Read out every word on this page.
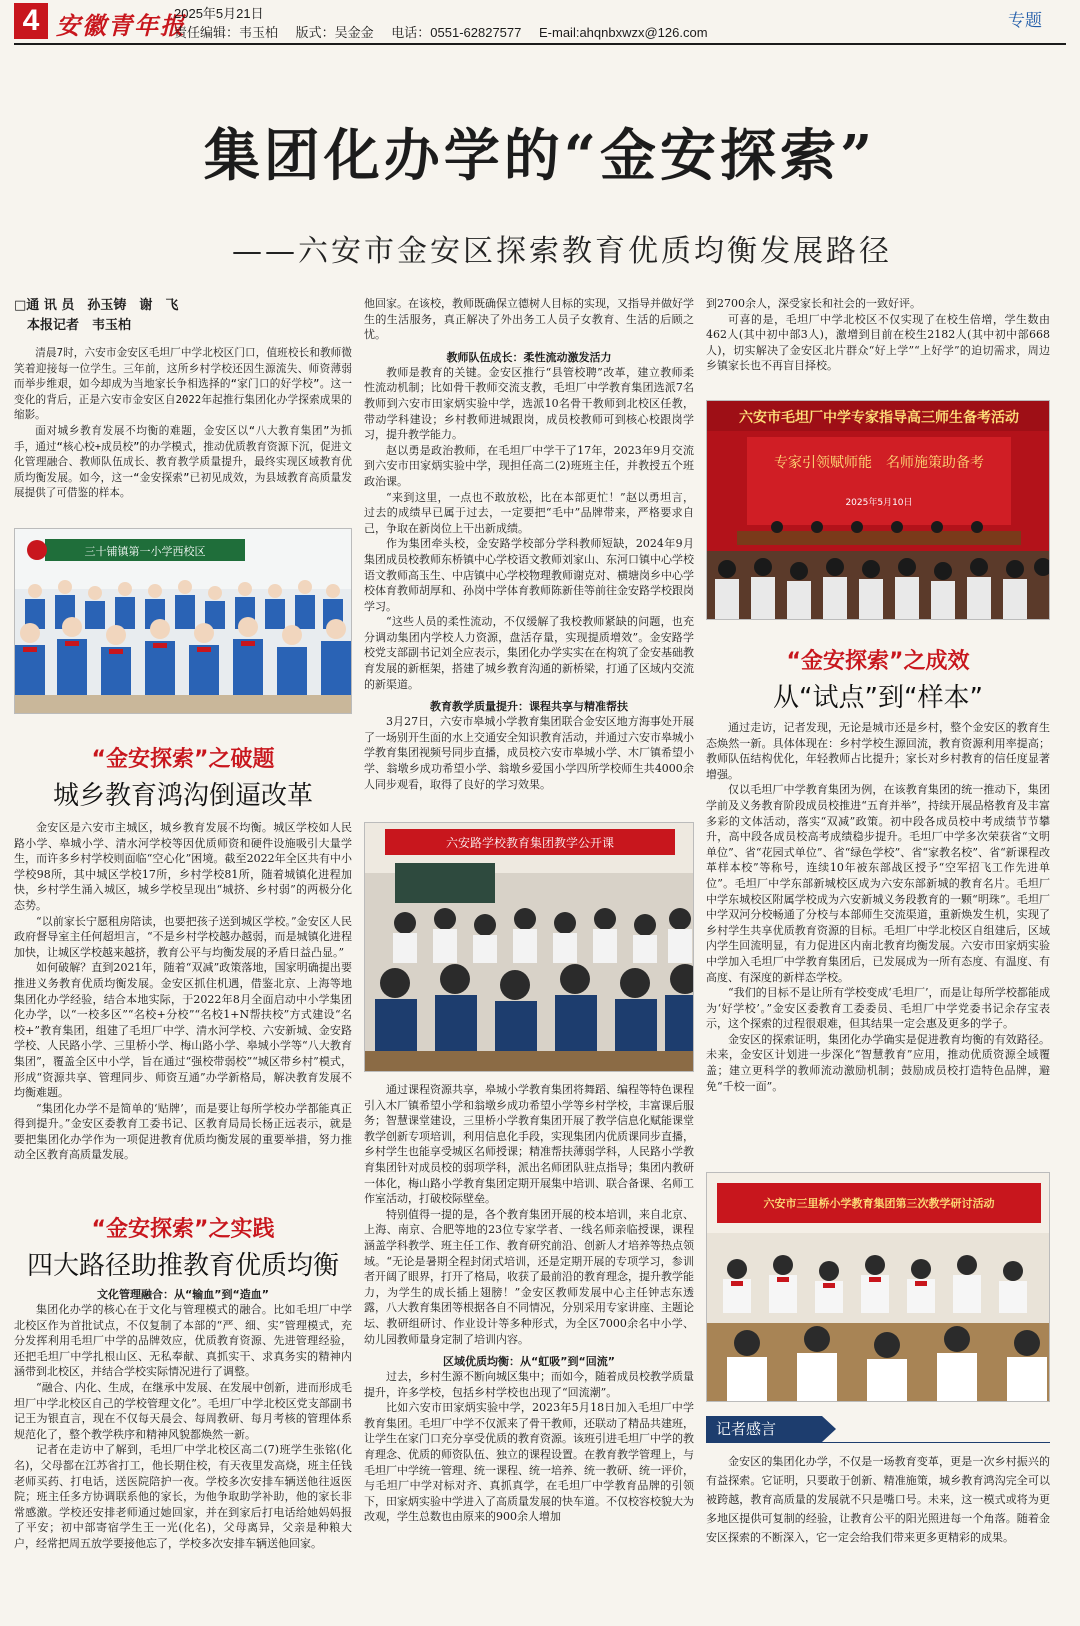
4 安徽青年报
2025年5月21日
责任编辑：韦玉柏 版式：吴金金 电话：0551-62827577 E-mail:ahqnbxwzx@126.com
专题
集团化办学的“金安探索”
——六安市金安区探索教育优质均衡发展路径
□通 讯 员　孙玉铸　谢　飞
　本报记者　韦玉柏

清晨7时，六安市金安区毛坦厂中学北校区门口，值班校长和教师微笑着迎接每一位学生。三年前，这所乡村学校还因生源流失、师资薄弱而举步维艰，如今却成为当地家长争相选择的“家门口的好学校”。这一变化的背后，正是六安市金安区自2022年起推行集团化办学探索成果的缩影。

面对城乡教育发展不均衡的难题，金安区以“八大教育集团”为抓手，通过“核心校+成员校”的办学模式，推动优质教育资源下沉，促进文化管理融合、教师队伍成长、教育教学质量提升，最终实现区域教育优质均衡发展。如今，这一“金安探索”已初见成效，为县域教育高质量发展提供了可借鉴的样本。

三十铺镇第一小学西校区
“金安探索”之破题
城乡教育鸿沟倒逼改革

金安区是六安市主城区，城乡教育发展不均衡。城区学校如人民路小学、皋城小学、清水河学校等因优质师资和硬件设施吸引大量学生，而许多乡村学校则面临“空心化”困境。截至2022年全区共有中小学校98所，其中城区学校17所，乡村学校81所，随着城镇化进程加快，乡村学生涌入城区，城乡学校呈现出“城挤、乡村弱”的两极分化态势。

“以前家长宁愿租房陪读，也要把孩子送到城区学校。”金安区人民政府督导室主任何超坦言，“不是乡村学校越办越弱，而是城镇化进程加快，让城区学校越来越挤，教育公平与均衡发展的矛盾日益凸显。”

如何破解？直到2021年，随着“双减”政策落地，国家明确提出要推进义务教育优质均衡发展。金安区抓住机遇，借鉴北京、上海等地集团化办学经验，结合本地实际，于2022年8月全面启动中小学集团化办学，以“一校多区”“名校+分校”“名校1+N帮扶校”方式建设“名校+”教育集团，组建了毛坦厂中学、清水河学校、六安新城、金安路学校、人民路小学、三里桥小学、梅山路小学、皋城小学等“八大教育集团”，覆盖全区中小学，旨在通过“强校带弱校”“城区带乡村”模式，形成“资源共享、管理同步、师资互通”办学新格局，解决教育发展不均衡难题。

“集团化办学不是简单的‘贴牌’，而是要让每所学校办学都能真正得到提升。”金安区委教育工委书记、区教育局局长杨正远表示，就是要把集团化办学作为一项促进教育优质均衡发展的重要举措，努力推动全区教育高质量发展。

“金安探索”之实践
四大路径助推教育优质均衡

文化管理融合：从“输血”到“造血”

集团化办学的核心在于文化与管理模式的融合。比如毛坦厂中学北校区作为首批试点，不仅复制了本部的“严、细、实”管理模式，充分发挥利用毛坦厂中学的品牌效应，优质教育资源、先进管理经验，还把毛坦厂中学扎根山区、无私奉献、真抓实干、求真务实的精神内涵带到北校区，并结合学校实际情况进行了调整。

“融合、内化、生成，在继承中发展、在发展中创新，进而形成毛坦厂中学北校区自己的学校管理文化”。毛坦厂中学北校区党支部副书记王为银直言，现在不仅每天晨会、每周教研、每月考核的管理体系规范化了，整个教学秩序和精神风貌都焕然一新。

记者在走访中了解到，毛坦厂中学北校区高二(7)班学生张铭(化名)，父母都在江苏省打工，他长期住校，有天夜里发高烧，班主任钱老师买药、打电话，送医院陪护一夜。学校多次安排车辆送他往返医院；班主任多方协调联系他的家长，为他争取助学补助，他的家长非常感激。学校还安排老师通过她回家，并在到家后打电话给她妈妈报了平安；初中部寄宿学生王一光(化名)，父母离异，父亲是种粮大户，经常把周五放学要接他忘了，学校多次安排车辆送他回家。

他回家。在该校，教师既确保立德树人目标的实现，又指导并做好学生的生活服务，真正解决了外出务工人员子女教育、生活的后顾之忧。

教师队伍成长：柔性流动激发活力

教师是教育的关键。金安区推行“县管校聘”改革，建立教师柔性流动机制；比如骨干教师交流支教，毛坦厂中学教育集团选派7名教师到六安市田家炳实验中学，选派10名骨干教师到北校区任教，带动学科建设；乡村教师进城跟岗，成员校教师可到核心校跟岗学习，提升教学能力。

赵以勇是政治教师，在毛坦厂中学干了17年，2023年9月交流到六安市田家炳实验中学，现担任高二(2)班班主任，并教授五个班政治课。

“来到这里，一点也不敢放松，比在本部更忙！”赵以勇坦言，过去的成绩早已属于过去，一定要把“毛中”品牌带来，严格要求自己，争取在新岗位上干出新成绩。

作为集团牵头校，金安路学校部分学科教师短缺，2024年9月集团成员校教师东桥镇中心学校语文教师刘家山、东河口镇中心学校语文教师高玉生、中店镇中心学校物理教师谢克对、横塘岗乡中心学校体育教师胡厚和、孙岗中学体育教师陈新佳等前往金安路学校跟岗学习。

“这些人员的柔性流动，不仅缓解了我校教师紧缺的问题，也充分调动集团内学校人力资源，盘活存量，实现提质增效”。金安路学校党支部副书记刘全应表示，集团化办学实实在在构筑了金安基础教育发展的新框架，搭建了城乡教育沟通的新桥梁，打通了区域内交流的新渠道。

教育教学质量提升：课程共享与精准帮扶

3月27日，六安市皋城小学教育集团联合金安区地方海事处开展了一场别开生面的水上交通安全知识教育活动，并通过六安市皋城小学教育集团视频号同步直播，成员校六安市皋城小学、木厂镇希望小学、翁墩乡成功希望小学、翁墩乡爱国小学四所学校师生共4000余人同步观看，取得了良好的学习效果。

六安路学校教育集团教学公开课

通过课程资源共享，皋城小学教育集团将舞蹈、编程等特色课程引入木厂镇希望小学和翁墩乡成功希望小学等乡村学校，丰富课后服务；智慧课堂建设，三里桥小学教育集团开展了教学信息化赋能课堂教学创新专项培训，利用信息化手段，实现集团内优质课同步直播，乡村学生也能享受城区名师授课；精准帮扶薄弱学科，人民路小学教育集团针对成员校的弱项学科，派出名师团队驻点指导；集团内教研一体化，梅山路小学教育集团定期开展集中培训、联合备课、名师工作室活动，打破校际壁垒。

特别值得一提的是，各个教育集团开展的校本培训，来自北京、上海、南京、合肥等地的23位专家学者、一线名师亲临授课，课程涵盖学科教学、班主任工作、教育研究前沿、创新人才培养等热点领域。“无论是暑期全程封闭式培训，还是定期开展的专项学习，参训者开阔了眼界，打开了格局，收获了最前沿的教育理念，提升教学能力，为学生的成长插上翅膀！”金安区教师发展中心主任钟志东透露，八大教育集团等根据各自不同情况，分别采用专家讲座、主题论坛、教研组研讨、作业设计等多种形式，为全区7000余名中小学、幼儿园教师量身定制了培训内容。

区域优质均衡：从“虹吸”到“回流”

过去，乡村生源不断向城区集中；而如今，随着成员校教学质量提升，许多学校，包括乡村学校也出现了“回流潮”。

比如六安市田家炳实验中学，2023年5月18日加入毛坦厂中学教育集团。毛坦厂中学不仅派来了骨干教师，还联动了精品共建班，让学生在家门口充分享受优质的教育资源。该班引进毛坦厂中学的教育理念、优质的师资队伍、独立的课程设置。在教育教学管理上，与毛坦厂中学统一管理、统一课程、统一培养、统一教研、统一评价，与毛坦厂中学对标对齐、真抓真学，在毛坦厂中学教育品牌的引领下，田家炳实验中学进入了高质量发展的快车道。不仅校容校貌大为改观，学生总数也由原来的900余人增加

到2700余人，深受家长和社会的一致好评。

可喜的是，毛坦厂中学北校区不仅实现了在校生倍增，学生数由462人(其中初中部3人)，激增到目前在校生2182人(其中初中部668人)，切实解决了金安区北片群众“好上学”“上好学”的迫切需求，周边乡镇家长也不再盲目择校。

六安市毛坦厂中学专家指导高三师生备考活动
专家引领赋师能　名师施策助备考
2025年5月10日
“金安探索”之成效
从“试点”到“样本”

通过走访，记者发现，无论是城市还是乡村，整个金安区的教育生态焕然一新。具体体现在：乡村学校生源回流，教育资源利用率提高；教师队伍结构优化，年轻教师占比提升；家长对乡村教育的信任度显著增强。

仅以毛坦厂中学教育集团为例，在该教育集团的统一推动下，集团学前及义务教育阶段成员校推进“五育并举”，持续开展品格教育及丰富多彩的文体活动，落实“双减”政策。初中段各成员校中考成绩节节攀升，高中段各成员校高考成绩稳步提升。毛坦厂中学多次荣获省“文明单位”、省“花园式单位”、省“绿色学校”、省“家教名校”、省“新课程改革样本校”等称号，连续10年被东部战区授予“空军招飞工作先进单位”。毛坦厂中学东部新城校区成为六安东部新城的教育名片。毛坦厂中学东城校区附属学校成为六安新城义务段教育的一颗“明珠”。毛坦厂中学双河分校畅通了分校与本部师生交流渠道，重新焕发生机，实现了乡村学生共享优质教育资源的目标。毛坦厂中学北校区自组建后，区域内学生回流明显，有力促进区内南北教育均衡发展。六安市田家炳实验中学加入毛坦厂中学教育集团后，已发展成为一所有态度、有温度、有高度、有深度的新样态学校。

“我们的目标不是让所有学校变成‘毛坦厂’，而是让每所学校都能成为‘好学校’。”金安区委教育工委委员、毛坦厂中学党委书记余存宝表示，这个探索的过程很艰难，但其结果一定会惠及更多的学子。

金安区的探索证明，集团化办学确实是促进教育均衡的有效路径。未来，金安区计划进一步深化“智慧教育”应用，推动优质资源全域覆盖；建立更科学的教师流动激励机制；鼓励成员校打造特色品牌，避免“千校一面”。

六安市三里桥小学教育集团第三次教学研讨活动
记者感言

金安区的集团化办学，不仅是一场教育变革，更是一次乡村振兴的有益探索。它证明，只要敢于创新、精准施策，城乡教育鸿沟完全可以被跨越，教育高质量的发展就不只是嘴口号。未来，这一模式或将为更多地区提供可复制的经验，让教育公平的阳光照进每一个角落。随着金安区探索的不断深入，它一定会给我们带来更多更精彩的成果。
